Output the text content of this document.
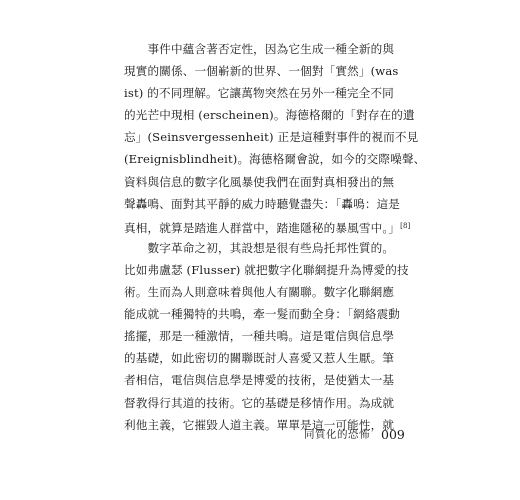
　　事件中蘊含著否定性，因為它生成一種全新的與
現實的關係、一個嶄新的世界、一個對「實然」(was
ist) 的不同理解。它讓萬物突然在另外一種完全不同
的光芒中現相 (erscheinen)。海德格爾的「對存在的遺
忘」(Seinsvergessenheit) 正是這種對事件的視而不見
(Ereignisblindheit)。海德格爾會說，如今的交際噪聲、
資料與信息的數字化風暴使我們在面對真相發出的無
聲轟鳴、面對其平靜的威力時聽覺盡失：「轟鳴：這是
真相，就算是踏進人群當中，踏進隱秘的暴風雪中。」[8]
　　數字革命之初，其設想是很有些烏托邦性質的。
比如弗盧瑟 (Flusser) 就把數字化聯網提升為博愛的技
術。生而為人則意味着與他人有關聯。數字化聯網應
能成就一種獨特的共鳴，牽一髮而動全身：「網絡震動
搖擺，那是一種激情，一種共鳴。這是電信與信息學
的基礎，如此密切的關聯既討人喜愛又惹人生厭。筆
者相信，電信與信息學是博愛的技術，是使猶太一基
督教得行其道的技術。它的基礎是移情作用。為成就
利他主義，它摧毀人道主義。單單是這一可能性，就
同質化的恐怖 009
